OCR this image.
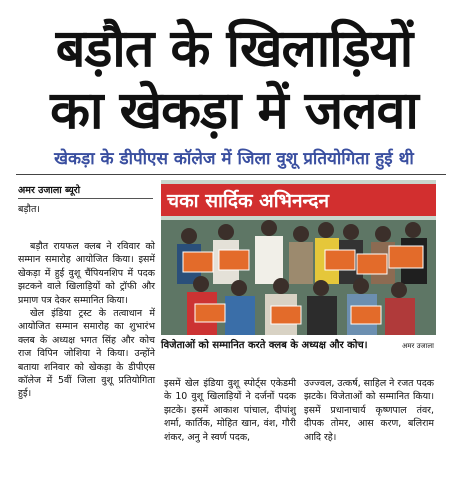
बड़ौत के खिलाड़ियों
का खेकड़ा में जलवा
खेकड़ा के डीपीएस कॉलेज में जिला वुशू प्रतियोगिता हुई थी
अमर उजाला ब्यूरो
बड़ौत।

बड़ौत रायफल क्लब ने रविवार को सम्मान समारोह आयोजित किया। इसमें खेकड़ा में हुई वुशू चैंपियनशिप में पदक झटकने वाले खिलाड़ियों को ट्रॉफी और प्रमाण पत्र देकर सम्मानित किया।

खेल इंडिया ट्रस्ट के तत्वाधान में आयोजित सम्मान समारोह का शुभारंभ क्लब के अध्यक्ष भगत सिंह और कोच राज विपिन जोशिया ने किया। उन्होंने बताया शनिवार को खेकड़ा के डीपीएस कॉलेज में 5वीं जिला वुशू प्रतियोगिता हुई।

चका सार्दिक अभिनन्दन
विजेताओं को सम्मानित करते क्लब के अध्यक्ष और कोच।	अमर उजाला

इसमें खेल इंडिया वुशू स्पोर्ट्स एकेडमी के 10 वुशू खिलाड़ियों ने दर्जनों पदक झटके। इसमें आकाश पांचाल, दीपांशु शर्मा, कार्तिक, मोहित खान, वंश, गौरी शंकर, अनु ने स्वर्ण पदक,

उज्ज्वल, उत्कर्ष, साहिल ने रजत पदक झटके। विजेताओं को सम्मानित किया। इसमें प्रधानाचार्य कृष्णपाल तंवर, दीपक तोमर, आस करण, बलिराम आदि रहे।
